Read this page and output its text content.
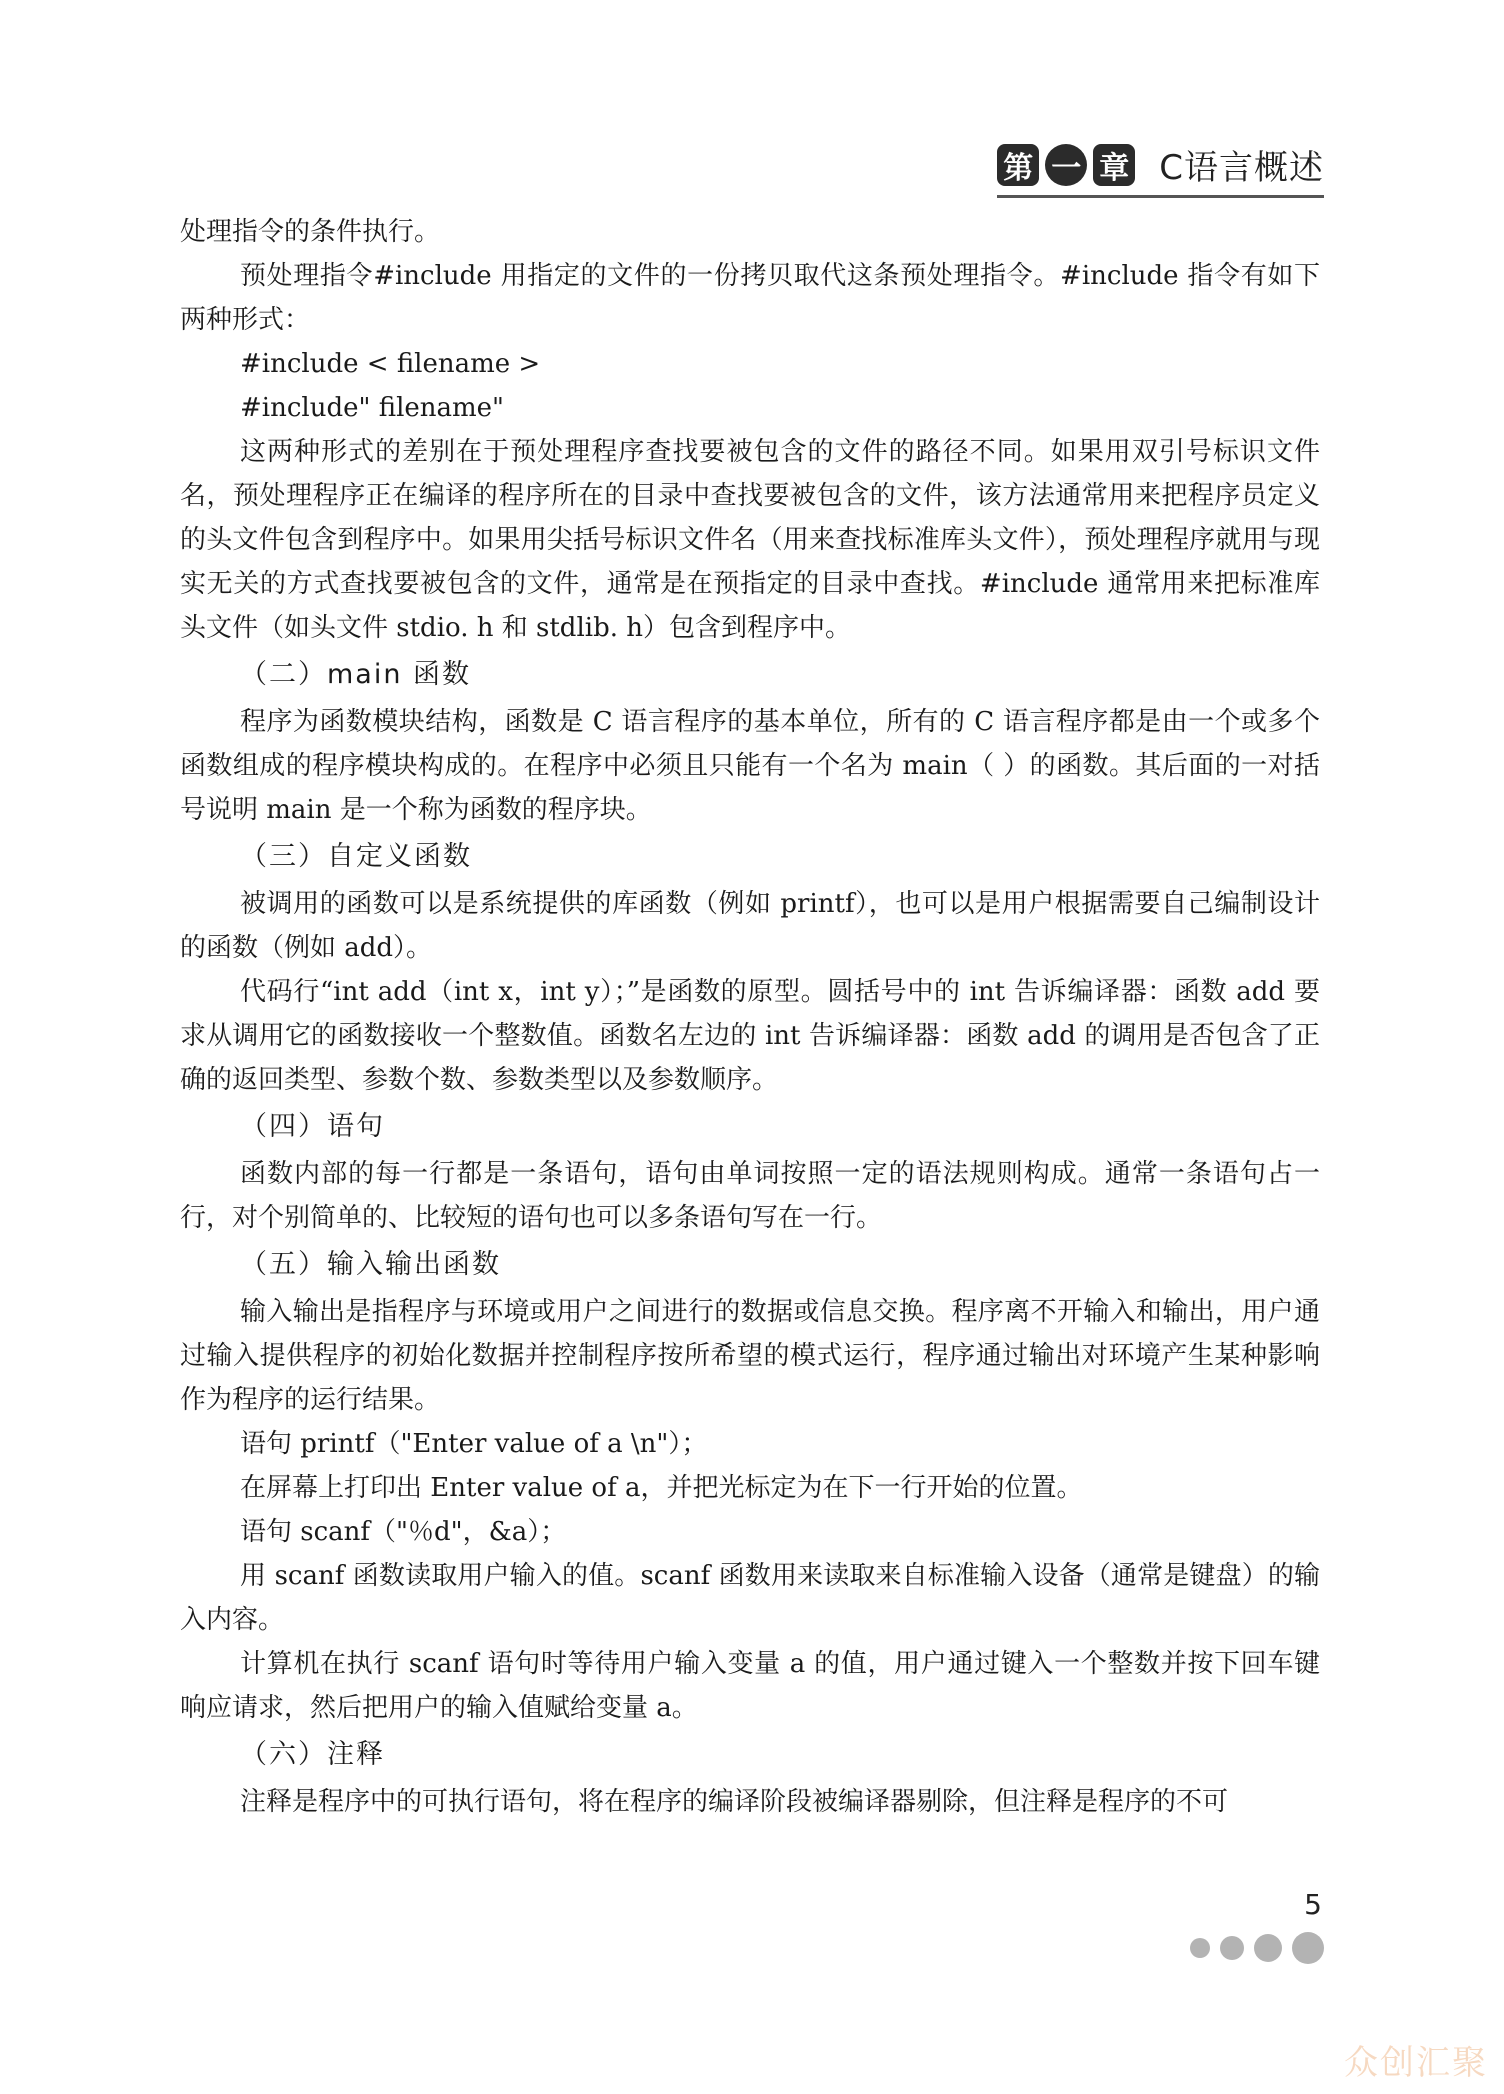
第 一 章 C语言概述

处理指令的条件执行。

预处理指令#include 用指定的文件的一份拷贝取代这条预处理指令。#include 指令有如下两种形式：

#include < filename >

#include" filename"

这两种形式的差别在于预处理程序查找要被包含的文件的路径不同。如果用双引号标识文件名，预处理程序正在编译的程序所在的目录中查找要被包含的文件，该方法通常用来把程序员定义的头文件包含到程序中。如果用尖括号标识文件名（用来查找标准库头文件），预处理程序就用与现实无关的方式查找要被包含的文件，通常是在预指定的目录中查找。#include 通常用来把标准库头文件（如头文件 stdio. h 和 stdlib. h）包含到程序中。

（二）main 函数

程序为函数模块结构，函数是 C 语言程序的基本单位，所有的 C 语言程序都是由一个或多个函数组成的程序模块构成的。在程序中必须且只能有一个名为 main（ ）的函数。其后面的一对括号说明 main 是一个称为函数的程序块。

（三）自定义函数

被调用的函数可以是系统提供的库函数（例如 printf），也可以是用户根据需要自己编制设计的函数（例如 add）。

代码行“int add（int x，int y）；”是函数的原型。圆括号中的 int 告诉编译器：函数 add 要求从调用它的函数接收一个整数值。函数名左边的 int 告诉编译器：函数 add 的调用是否包含了正确的返回类型、参数个数、参数类型以及参数顺序。

（四）语句

函数内部的每一行都是一条语句，语句由单词按照一定的语法规则构成。通常一条语句占一行，对个别简单的、比较短的语句也可以多条语句写在一行。

（五）输入输出函数

输入输出是指程序与环境或用户之间进行的数据或信息交换。程序离不开输入和输出，用户通过输入提供程序的初始化数据并控制程序按所希望的模式运行，程序通过输出对环境产生某种影响作为程序的运行结果。

语句 printf（"Enter value of a \n"）；

在屏幕上打印出 Enter value of a，并把光标定为在下一行开始的位置。

语句 scanf（"％d"，&a）；

用 scanf 函数读取用户输入的值。scanf 函数用来读取来自标准输入设备（通常是键盘）的输入内容。

计算机在执行 scanf 语句时等待用户输入变量 a 的值，用户通过键入一个整数并按下回车键响应请求，然后把用户的输入值赋给变量 a。

（六）注释

注释是程序中的可执行语句，将在程序的编译阶段被编译器剔除，但注释是程序的不可

5
众创汇聚
